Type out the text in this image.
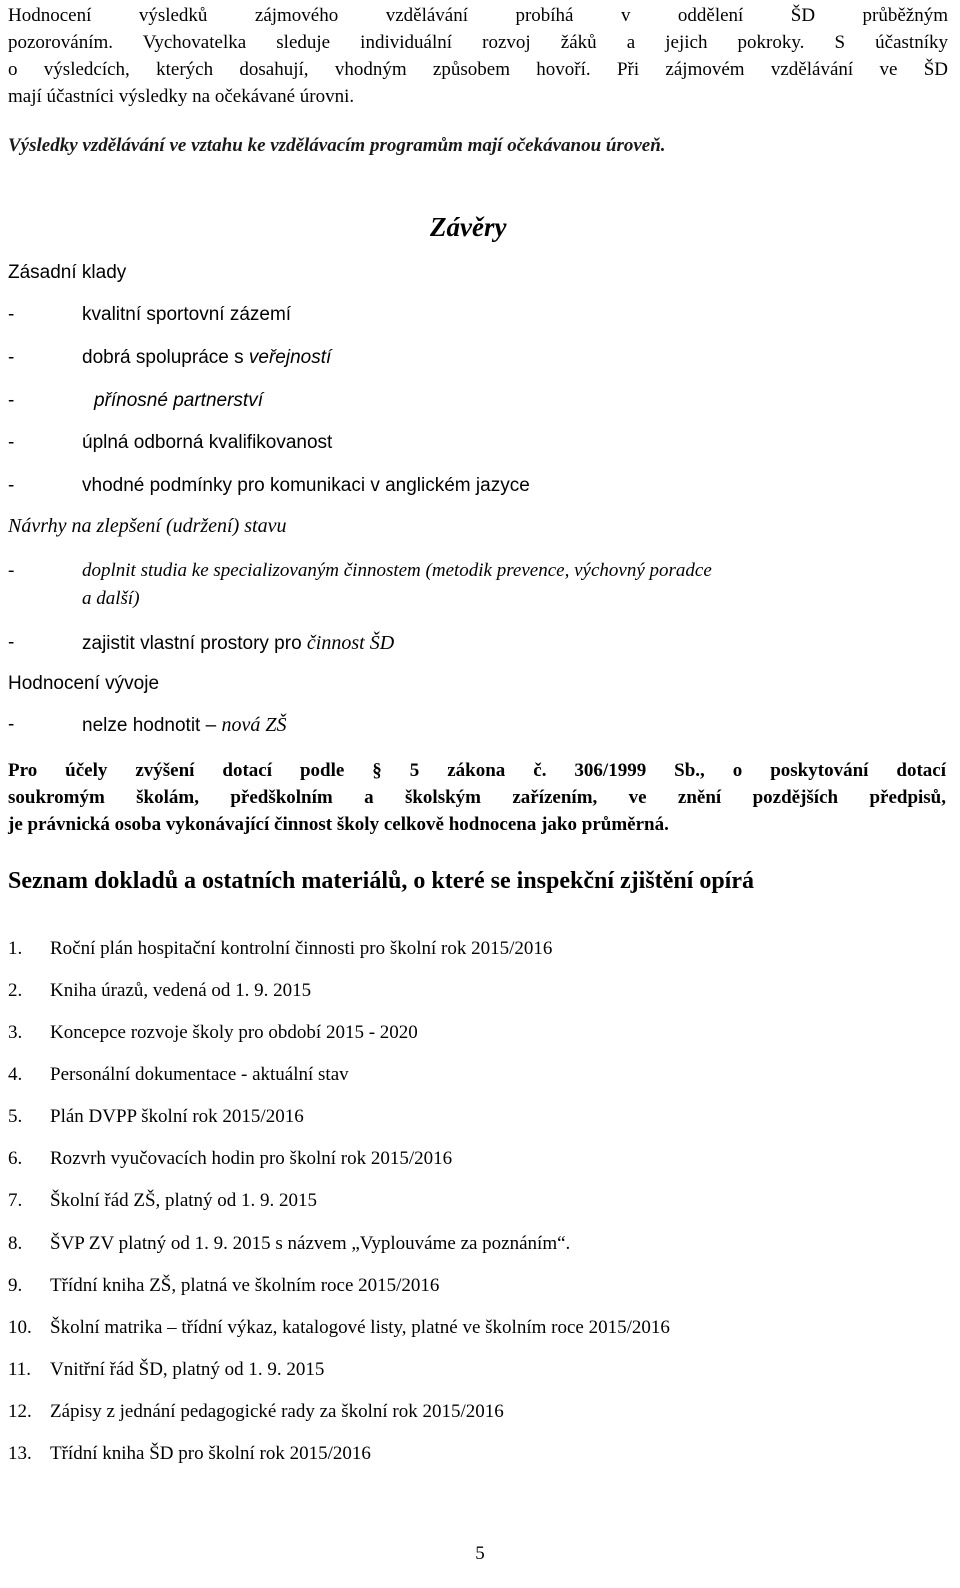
Hodnocení výsledků zájmového vzdělávání probíhá v oddělení ŠD průběžným
pozorováním. Vychovatelka sleduje individuální rozvoj žáků a jejich pokroky. S účastníky
o výsledcích, kterých dosahují, vhodným způsobem hovoří. Při zájmovém vzdělávání ve ŠD
mají účastníci výsledky na očekávané úrovni.
Výsledky vzdělávání ve vztahu ke vzdělávacím programům mají očekávanou úroveň.
Závěry
Zásadní klady
-	kvalitní sportovní zázemí
-	dobrá spolupráce s veřejností
-	přínosné partnerství
-	úplná odborná kvalifikovanost
-	vhodné podmínky pro komunikaci v anglickém jazyce
Návrhy na zlepšení (udržení) stavu
-	doplnit studia ke specializovaným činnostem (metodik prevence, výchovný poradce
a další)
-	zajistit vlastní prostory pro činnost ŠD
Hodnocení vývoje
-	nelze hodnotit – nová ZŠ
Pro účely zvýšení dotací podle § 5 zákona č. 306/1999 Sb., o poskytování dotací
soukromým školám, předškolním a školským zařízením, ve znění pozdějších předpisů,
je právnická osoba vykonávající činnost školy celkově hodnocena jako průměrná.
Seznam dokladů a ostatních materiálů, o které se inspekční zjištění opírá
1. Roční plán hospitační kontrolní činnosti pro školní rok 2015/2016
2. Kniha úrazů, vedená od 1. 9. 2015
3. Koncepce rozvoje školy pro období 2015 - 2020
4. Personální dokumentace - aktuální stav
5. Plán DVPP školní rok 2015/2016
6. Rozvrh vyučovacích hodin pro školní rok 2015/2016
7. Školní řád ZŠ, platný od 1. 9. 2015
8. ŠVP ZV platný od 1. 9. 2015 s názvem „Vyplouváme za poznáním“.
9. Třídní kniha ZŠ, platná ve školním roce 2015/2016
10. Školní matrika – třídní výkaz, katalogové listy, platné ve školním roce 2015/2016
11. Vnitřní řád ŠD, platný od 1. 9. 2015
12. Zápisy z jednání pedagogické rady za školní rok 2015/2016
13. Třídní kniha ŠD pro školní rok 2015/2016
5
